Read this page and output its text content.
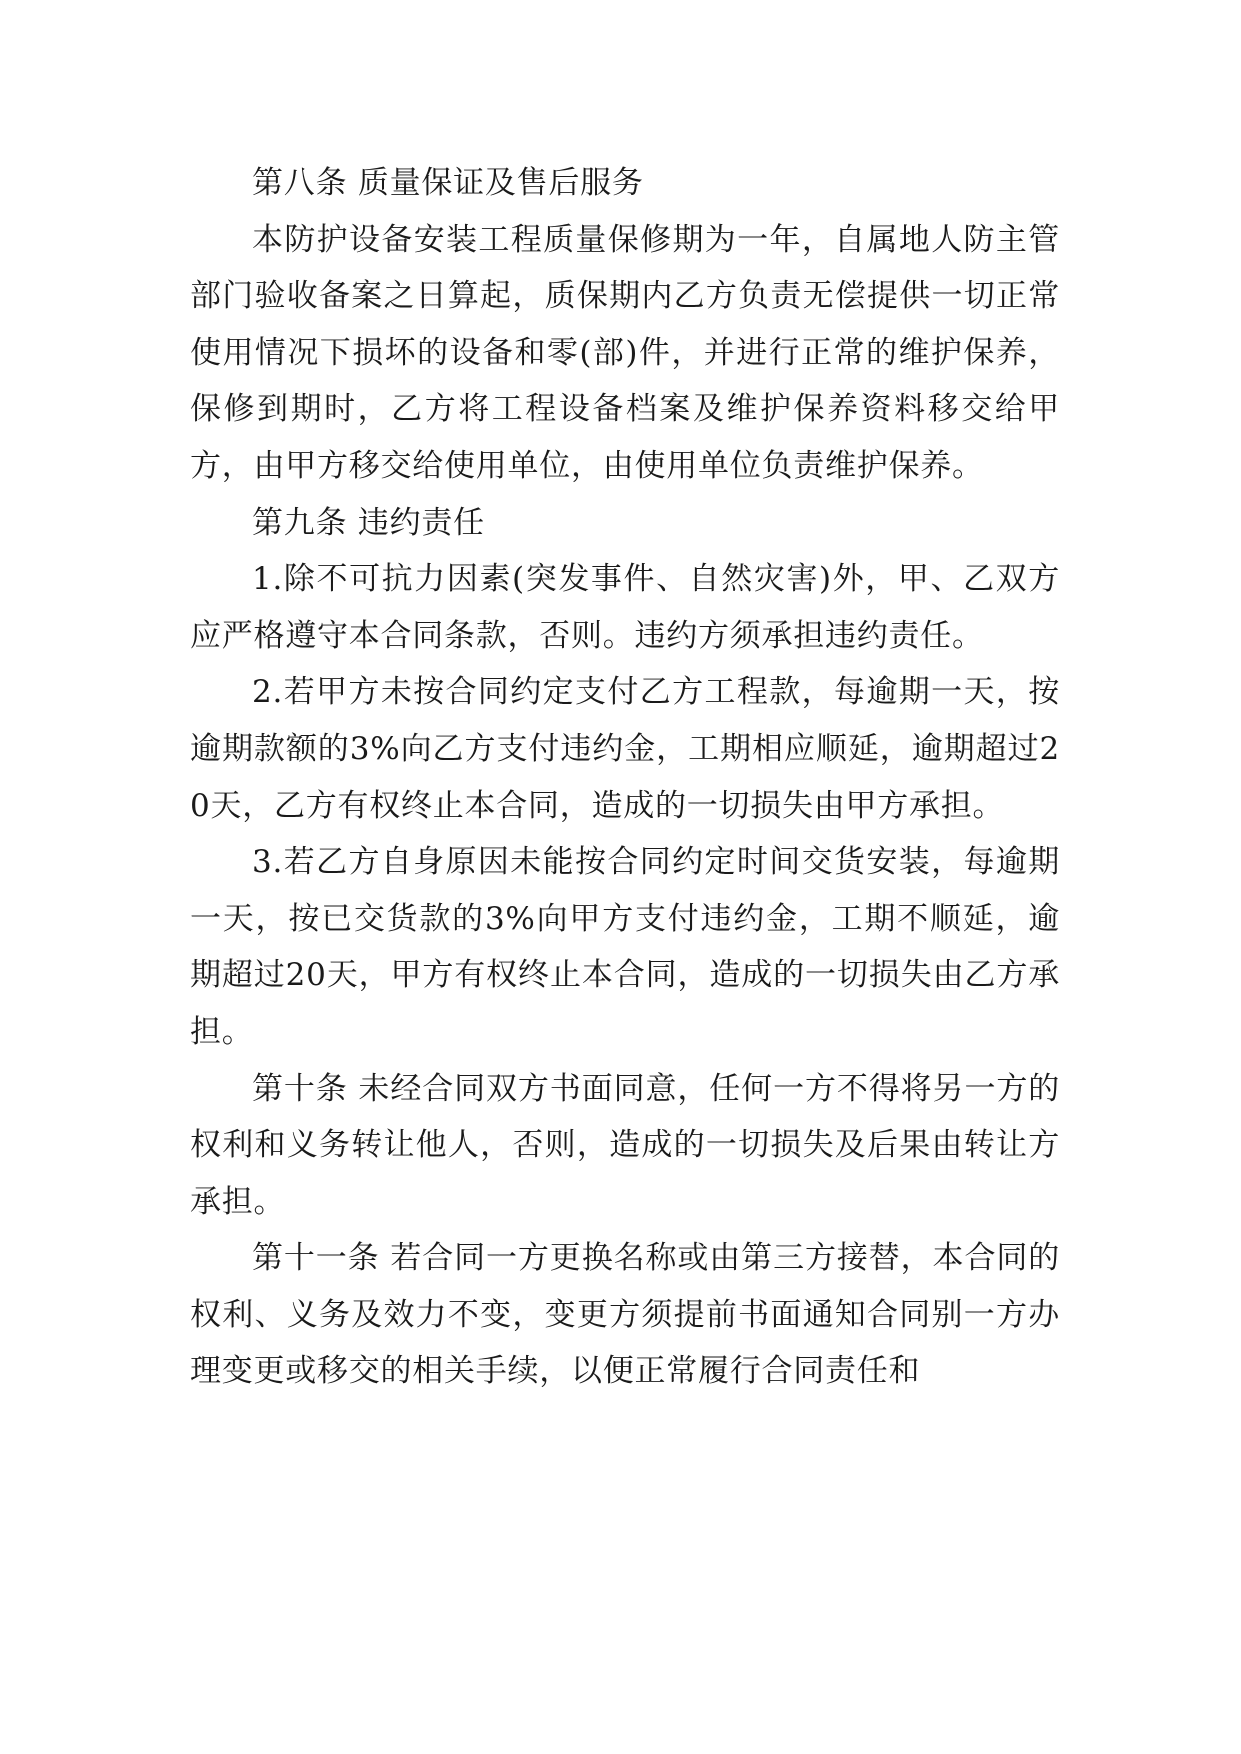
第八条 质量保证及售后服务

本防护设备安装工程质量保修期为一年，自属地人防主管部门验收备案之日算起，质保期内乙方负责无偿提供一切正常使用情况下损坏的设备和零(部)件，并进行正常的维护保养，保修到期时，乙方将工程设备档案及维护保养资料移交给甲方，由甲方移交给使用单位，由使用单位负责维护保养。

第九条 违约责任

1.除不可抗力因素(突发事件、自然灾害)外，甲、乙双方应严格遵守本合同条款，否则。违约方须承担违约责任。

2.若甲方未按合同约定支付乙方工程款，每逾期一天，按逾期款额的3%向乙方支付违约金，工期相应顺延，逾期超过20天，乙方有权终止本合同，造成的一切损失由甲方承担。

3.若乙方自身原因未能按合同约定时间交货安装，每逾期一天，按已交货款的3%向甲方支付违约金，工期不顺延，逾期超过20天，甲方有权终止本合同，造成的一切损失由乙方承担。

第十条 未经合同双方书面同意，任何一方不得将另一方的权利和义务转让他人，否则，造成的一切损失及后果由转让方承担。

第十一条 若合同一方更换名称或由第三方接替，本合同的权利、义务及效力不变，变更方须提前书面通知合同别一方办理变更或移交的相关手续，以便正常履行合同责任和
